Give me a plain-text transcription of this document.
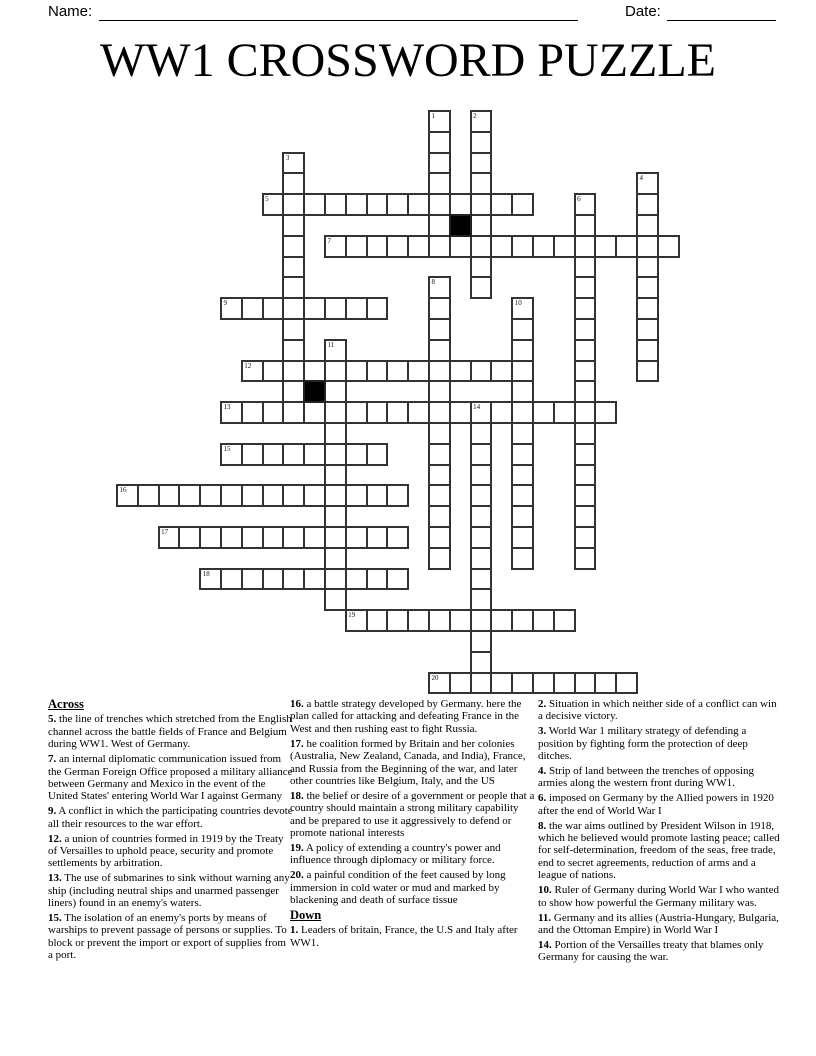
Name:	Date:
WW1 CROSSWORD PUZZLE
5
7
9
12
13	14
15
16
17
18
19
20
1	2
3
4
6
8
10
11
Across

5. the line of trenches which stretched from the English channel across the battle fields of France and Belgium during WW1. West of Germany.

7. an internal diplomatic communication issued from the German Foreign Office proposed a military alliance between Germany and Mexico in the event of the United States' entering World War I against Germany

9. A conflict in which the participating countries devote all their resources to the war effort.

12. a union of countries formed in 1919 by the Treaty of Versailles to uphold peace, security and promote settlements by arbitration.

13. The use of submarines to sink without warning any ship (including neutral ships and unarmed passenger liners) found in an enemy's waters.

15. The isolation of an enemy's ports by means of warships to prevent passage of persons or supplies. To block or prevent the import or export of supplies from a port.

16. a battle strategy developed by Germany. here the plan called for attacking and defeating France in the West and then rushing east to fight Russia.

17. he coalition formed by Britain and her colonies (Australia, New Zealand, Canada, and India), France, and Russia from the Beginning of the war, and later other countries like Belgium, Italy, and the US

18. the belief or desire of a government or people that a country should maintain a strong military capability and be prepared to use it aggressively to defend or promote national interests

19. A policy of extending a country's power and influence through diplomacy or military force.

20. a painful condition of the feet caused by long immersion in cold water or mud and marked by blackening and death of surface tissue

Down

1. Leaders of britain, France, the U.S and Italy after WW1.

2. Situation in which neither side of a conflict can win a decisive victory.

3. World War 1 military strategy of defending a position by fighting form the protection of deep ditches.

4. Strip of land between the trenches of opposing armies along the western front during WW1.

6. imposed on Germany by the Allied powers in 1920 after the end of World War I

8. the war aims outlined by President Wilson in 1918, which he believed would promote lasting peace; called for self-determination, freedom of the seas, free trade, end to secret agreements, reduction of arms and a league of nations.

10. Ruler of Germany during World War I who wanted to show how powerful the Germany military was.

11. Germany and its allies (Austria-Hungary, Bulgaria, and the Ottoman Empire) in World War I

14. Portion of the Versailles treaty that blames only Germany for causing the war.
